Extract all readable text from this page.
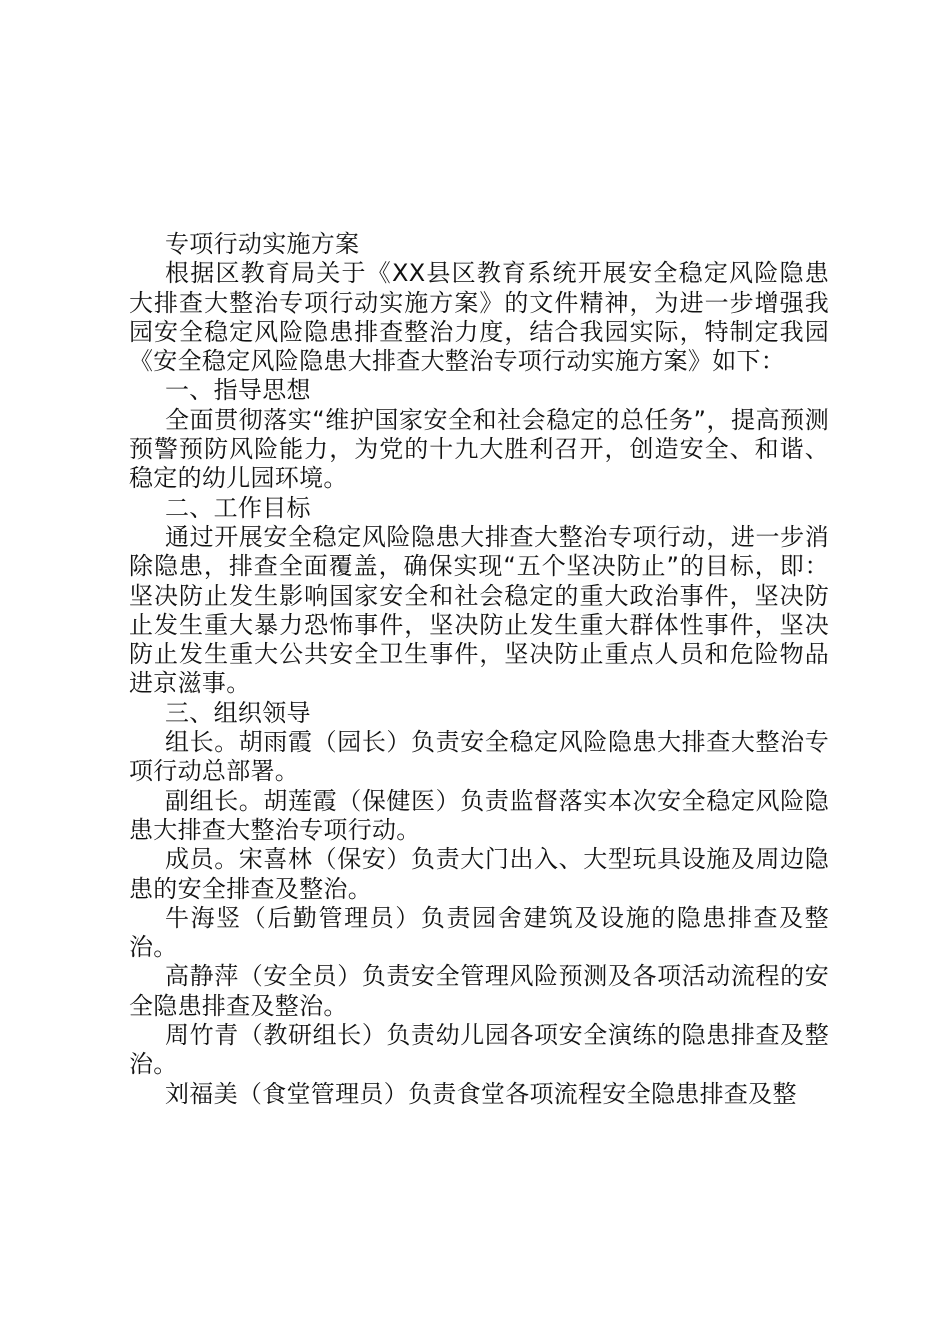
专项行动实施方案

根据区教育局关于《XX县区教育系统开展安全稳定风险隐患大排查大整治专项行动实施方案》的文件精神，为进一步增强我园安全稳定风险隐患排查整治力度，结合我园实际，特制定我园《安全稳定风险隐患大排查大整治专项行动实施方案》如下：

一、指导思想

全面贯彻落实“维护国家安全和社会稳定的总任务”，提高预测预警预防风险能力，为党的十九大胜利召开，创造安全、和谐、稳定的幼儿园环境。

二、工作目标

通过开展安全稳定风险隐患大排查大整治专项行动，进一步消除隐患，排查全面覆盖，确保实现“五个坚决防止”的目标，即：坚决防止发生影响国家安全和社会稳定的重大政治事件，坚决防止发生重大暴力恐怖事件，坚决防止发生重大群体性事件，坚决防止发生重大公共安全卫生事件，坚决防止重点人员和危险物品进京滋事。

三、组织领导

组长。胡雨霞（园长）负责安全稳定风险隐患大排查大整治专项行动总部署。

副组长。胡莲霞（保健医）负责监督落实本次安全稳定风险隐患大排查大整治专项行动。

成员。宋喜林（保安）负责大门出入、大型玩具设施及周边隐患的安全排查及整治。

牛海竖（后勤管理员）负责园舍建筑及设施的隐患排查及整治。

高静萍（安全员）负责安全管理风险预测及各项活动流程的安全隐患排查及整治。

周竹青（教研组长）负责幼儿园各项安全演练的隐患排查及整治。

刘福美（食堂管理员）负责食堂各项流程安全隐患排查及整
